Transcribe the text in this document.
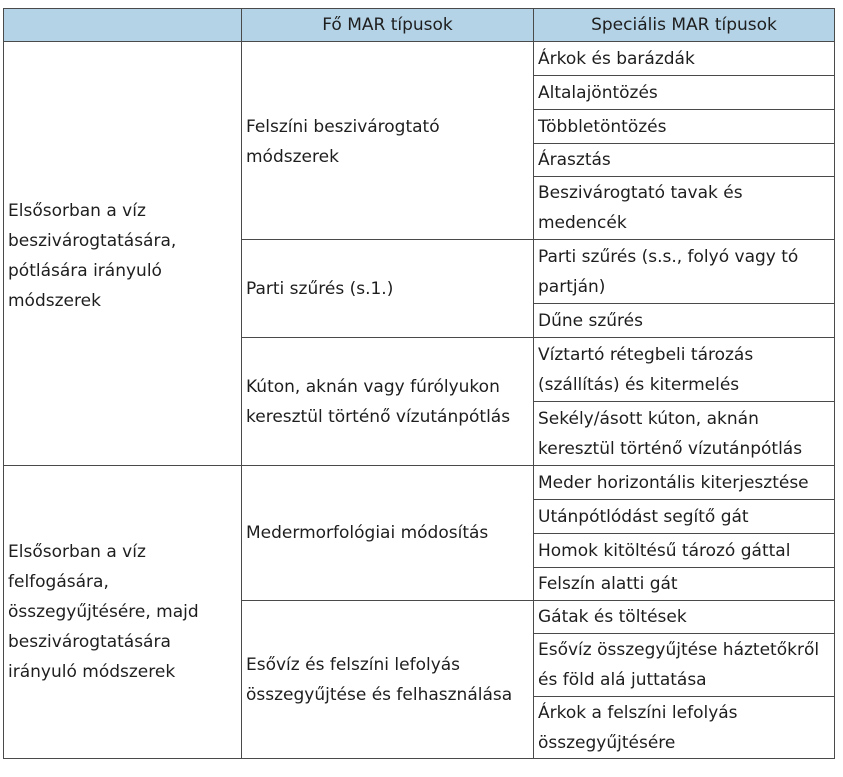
	Fő MAR típusok	Speciális MAR típusok
Elsősorban a víz beszivárogtatására, pótlására irányuló módszerek	Felszíni beszivárogtató módszerek	Árkok és barázdák
		Altalajöntözés
		Többletöntözés
		Árasztás
		Beszivárogtató tavak és medencék

	Parti szűrés (s.1.)	Parti szűrés (s.s., folyó vagy tó partján)
		Dűne szűrés
	Kúton, aknán vagy fúrólyukon keresztül történő vízutánpótlás	Víztartó rétegbeli tározás (szállítás) és kitermelés
		Sekély/ásott kúton, aknán keresztül történő vízutánpótlás

Elsősorban a víz felfogására, összegyűjtésére, majd beszivárogtatására irányuló módszerek	Medermorfológiai módosítás	Meder horizontális kiterjesztése
		Utánpótlódást segítő gát
		Homok kitöltésű tározó gáttal
		Felszín alatti gát
	Esővíz és felszíni lefolyás összegyűjtése és felhasználása	Gátak és töltések
		Esővíz összegyűjtése háztetőkről és föld alá juttatása
		Árkok a felszíni lefolyás összegyűjtésére
